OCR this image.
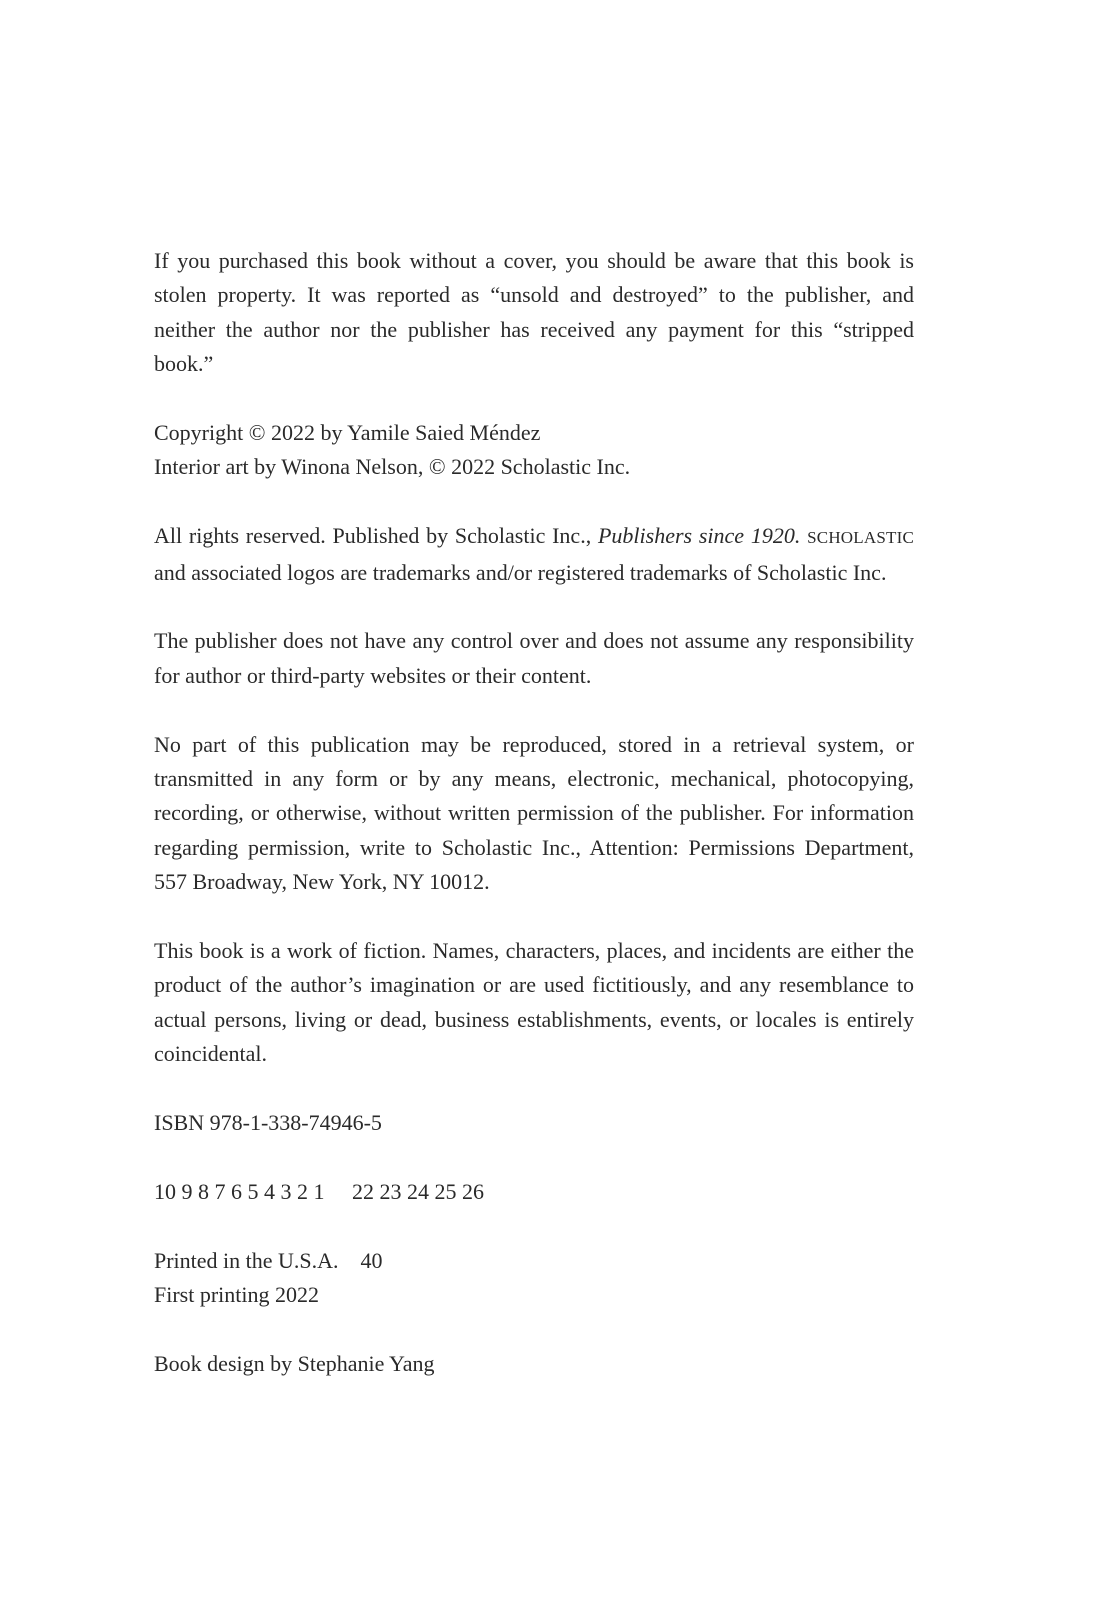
If you purchased this book without a cover, you should be aware that this book is stolen property. It was reported as “unsold and destroyed” to the publisher, and neither the author nor the publisher has received any payment for this “stripped book.”

Copyright © 2022 by Yamile Saied Méndez
Interior art by Winona Nelson, © 2022 Scholastic Inc.

All rights reserved. Published by Scholastic Inc., Publishers since 1920. SCHOLASTIC and associated logos are trademarks and/or registered trademarks of Scholastic Inc.

The publisher does not have any control over and does not assume any responsibility for author or third-party websites or their content.

No part of this publication may be reproduced, stored in a retrieval system, or transmitted in any form or by any means, electronic, mechanical, photocopying, recording, or otherwise, without written permission of the publisher. For information regarding permission, write to Scholastic Inc., Attention: Permissions Department, 557 Broadway, New York, NY 10012.

This book is a work of fiction. Names, characters, places, and incidents are either the product of the author’s imagination or are used fictitiously, and any resemblance to actual persons, living or dead, business establishments, events, or locales is entirely coincidental.

ISBN 978-1-338-74946-5

10 9 8 7 6 5 4 3 2 1     22 23 24 25 26

Printed in the U.S.A.    40
First printing 2022

Book design by Stephanie Yang
